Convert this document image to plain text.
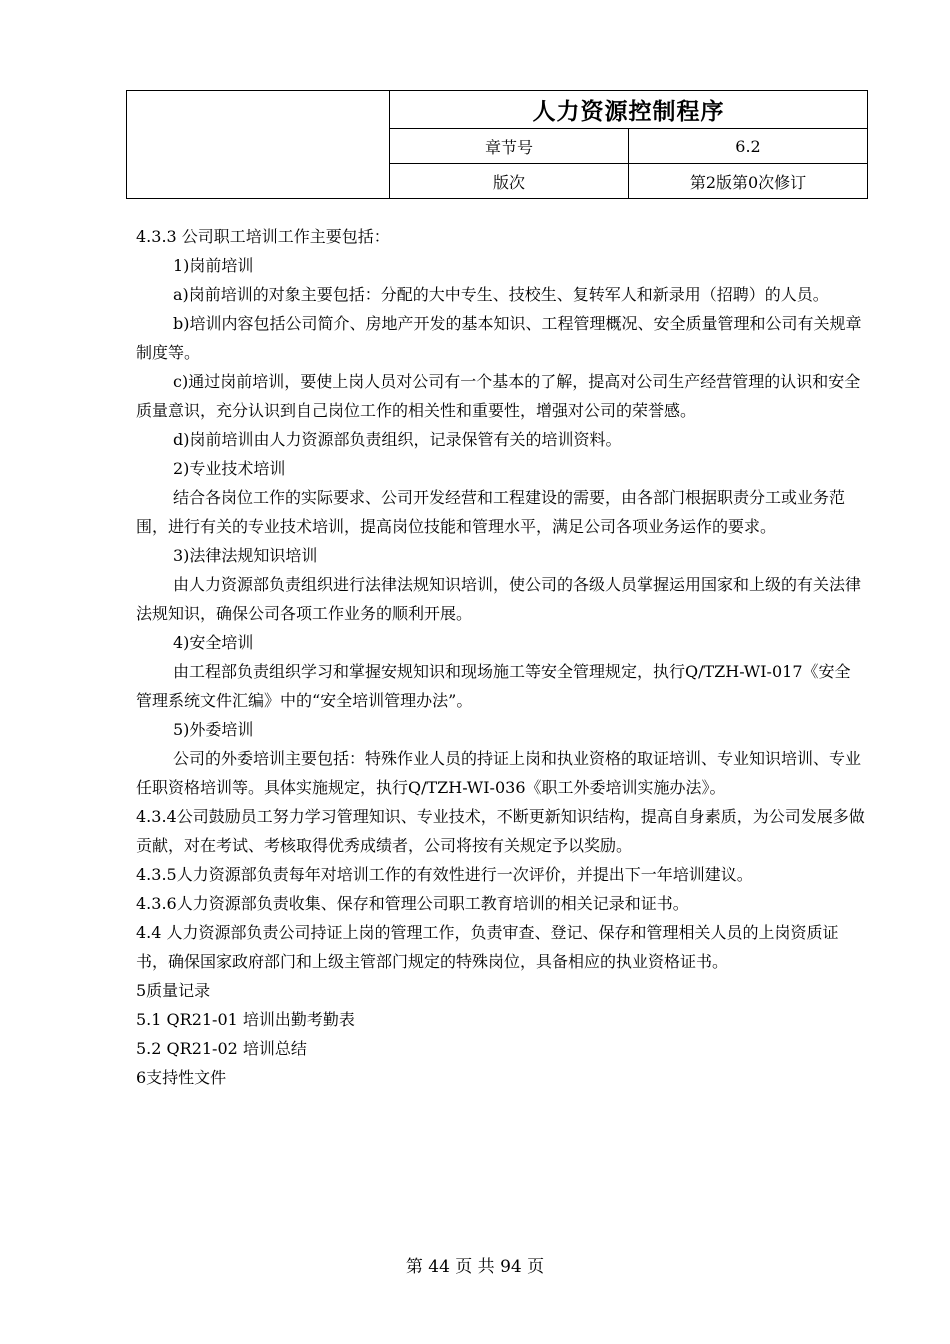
	人力资源控制程序	
	章节号	6.2
	版次	第2版第0次修订

4.3.3 公司职工培训工作主要包括：

1)岗前培训

a)岗前培训的对象主要包括：分配的大中专生、技校生、复转军人和新录用（招聘）的人员。

b)培训内容包括公司简介、房地产开发的基本知识、工程管理概况、安全质量管理和公司有关规章制度等。

c)通过岗前培训，要使上岗人员对公司有一个基本的了解，提高对公司生产经营管理的认识和安全质量意识，充分认识到自己岗位工作的相关性和重要性，增强对公司的荣誉感。

d)岗前培训由人力资源部负责组织，记录保管有关的培训资料。

2)专业技术培训

结合各岗位工作的实际要求、公司开发经营和工程建设的需要，由各部门根据职责分工或业务范围，进行有关的专业技术培训，提高岗位技能和管理水平，满足公司各项业务运作的要求。

3)法律法规知识培训

由人力资源部负责组织进行法律法规知识培训，使公司的各级人员掌握运用国家和上级的有关法律法规知识，确保公司各项工作业务的顺利开展。

4)安全培训

由工程部负责组织学习和掌握安规知识和现场施工等安全管理规定，执行Q/TZH-WI-017《安全管理系统文件汇编》中的“安全培训管理办法”。

5)外委培训

公司的外委培训主要包括：特殊作业人员的持证上岗和执业资格的取证培训、专业知识培训、专业任职资格培训等。具体实施规定，执行Q/TZH-WI-036《职工外委培训实施办法》。

4.3.4公司鼓励员工努力学习管理知识、专业技术，不断更新知识结构，提高自身素质，为公司发展多做贡献，对在考试、考核取得优秀成绩者，公司将按有关规定予以奖励。

4.3.5人力资源部负责每年对培训工作的有效性进行一次评价，并提出下一年培训建议。

4.3.6人力资源部负责收集、保存和管理公司职工教育培训的相关记录和证书。

4.4 人力资源部负责公司持证上岗的管理工作，负责审查、登记、保存和管理相关人员的上岗资质证书，确保国家政府部门和上级主管部门规定的特殊岗位，具备相应的执业资格证书。

5质量记录

5.1 QR21-01 培训出勤考勤表

5.2 QR21-02 培训总结

6支持性文件

第 44 页 共 94 页
